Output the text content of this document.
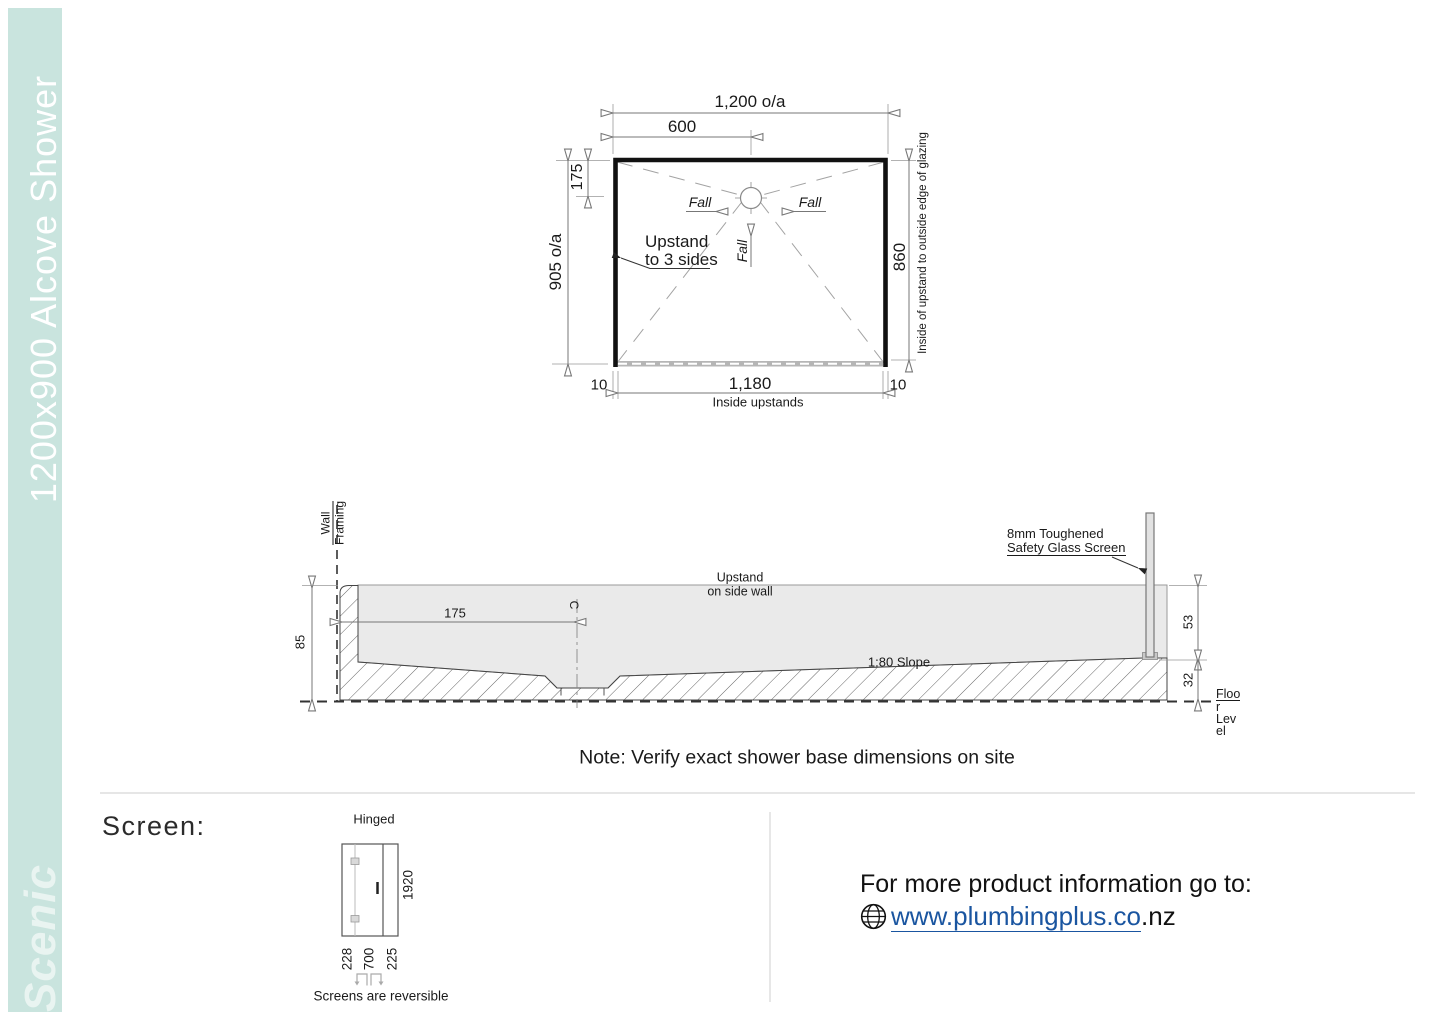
1200x900 Alcove Shower
Scenic
1,200 o/a
600
175
905 o/a	860 Inside of upstand to outside edge of glazing
Fall	Fall
Fall
Upstand
to 3 sides
10	1,180	10
Inside upstands
Wall Framing
85
175
C
Upstand
on side wall
1:80 Slope
8mm Toughened
Safety Glass Screen
53
32
Floo
r
Lev
el
Note: Verify exact shower base dimensions on site
Screen:	Hinged
228 700 225
1920
Screens are reversible
For more product information go to:
www.plumbingplus.co.nz
